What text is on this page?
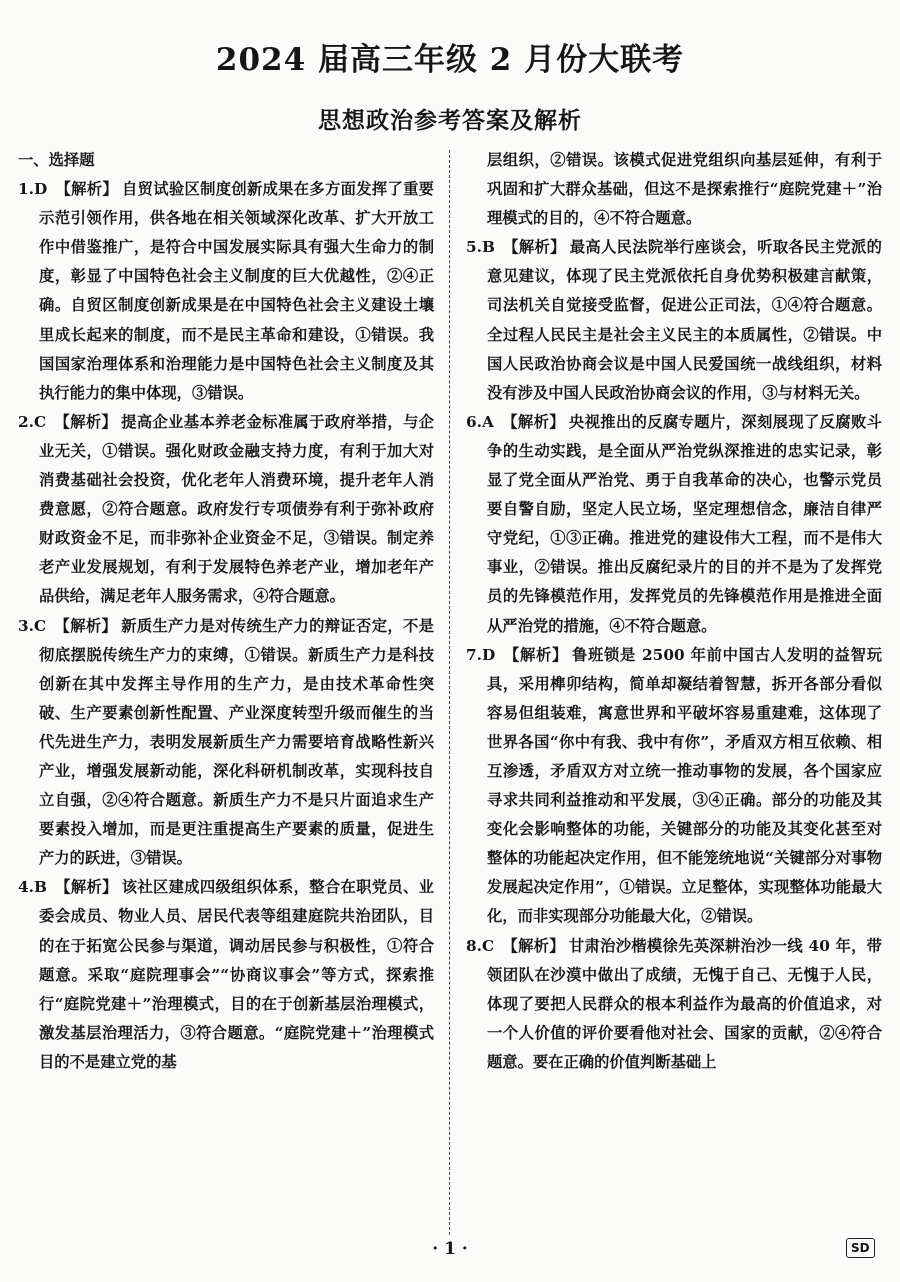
2024 届高三年级 2 月份大联考
思想政治参考答案及解析
一、选择题
1.D 【解析】 自贸试验区制度创新成果在多方面发挥了重要示范引领作用，供各地在相关领域深化改革、扩大开放工作中借鉴推广，是符合中国发展实际具有强大生命力的制度，彰显了中国特色社会主义制度的巨大优越性，②④正确。自贸区制度创新成果是在中国特色社会主义建设土壤里成长起来的制度，而不是民主革命和建设，①错误。我国国家治理体系和治理能力是中国特色社会主义制度及其执行能力的集中体现，③错误。
2.C 【解析】 提高企业基本养老金标准属于政府举措，与企业无关，①错误。强化财政金融支持力度，有利于加大对消费基础社会投资，优化老年人消费环境，提升老年人消费意愿，②符合题意。政府发行专项债券有利于弥补政府财政资金不足，而非弥补企业资金不足，③错误。制定养老产业发展规划，有利于发展特色养老产业，增加老年产品供给，满足老年人服务需求，④符合题意。
3.C 【解析】 新质生产力是对传统生产力的辩证否定，不是彻底摆脱传统生产力的束缚，①错误。新质生产力是科技创新在其中发挥主导作用的生产力，是由技术革命性突破、生产要素创新性配置、产业深度转型升级而催生的当代先进生产力，表明发展新质生产力需要培育战略性新兴产业，增强发展新动能，深化科研机制改革，实现科技自立自强，②④符合题意。新质生产力不是只片面追求生产要素投入增加，而是更注重提高生产要素的质量，促进生产力的跃进，③错误。
4.B 【解析】 该社区建成四级组织体系，整合在职党员、业委会成员、物业人员、居民代表等组建庭院共治团队，目的在于拓宽公民参与渠道，调动居民参与积极性，①符合题意。采取“庭院理事会”“协商议事会”等方式，探索推行“庭院党建＋”治理模式，目的在于创新基层治理模式，激发基层治理活力，③符合题意。“庭院党建＋”治理模式目的不是建立党的基
层组织，②错误。该模式促进党组织向基层延伸，有利于巩固和扩大群众基础，但这不是探索推行“庭院党建＋”治理模式的目的，④不符合题意。
5.B 【解析】 最高人民法院举行座谈会，听取各民主党派的意见建议，体现了民主党派依托自身优势积极建言献策，司法机关自觉接受监督，促进公正司法，①④符合题意。全过程人民民主是社会主义民主的本质属性，②错误。中国人民政治协商会议是中国人民爱国统一战线组织，材料没有涉及中国人民政治协商会议的作用，③与材料无关。
6.A 【解析】 央视推出的反腐专题片，深刻展现了反腐败斗争的生动实践，是全面从严治党纵深推进的忠实记录，彰显了党全面从严治党、勇于自我革命的决心，也警示党员要自警自励，坚定人民立场，坚定理想信念，廉洁自律严守党纪，①③正确。推进党的建设伟大工程，而不是伟大事业，②错误。推出反腐纪录片的目的并不是为了发挥党员的先锋模范作用，发挥党员的先锋模范作用是推进全面从严治党的措施，④不符合题意。
7.D 【解析】 鲁班锁是 2500 年前中国古人发明的益智玩具，采用榫卯结构，简单却凝结着智慧，拆开各部分看似容易但组装难，寓意世界和平破坏容易重建难，这体现了世界各国“你中有我、我中有你”，矛盾双方相互依赖、相互渗透，矛盾双方对立统一推动事物的发展，各个国家应寻求共同利益推动和平发展，③④正确。部分的功能及其变化会影响整体的功能，关键部分的功能及其变化甚至对整体的功能起决定作用，但不能笼统地说“关键部分对事物发展起决定作用”，①错误。立足整体，实现整体功能最大化，而非实现部分功能最大化，②错误。
8.C 【解析】 甘肃治沙楷模徐先英深耕治沙一线 40 年，带领团队在沙漠中做出了成绩，无愧于自己、无愧于人民，体现了要把人民群众的根本利益作为最高的价值追求，对一个人价值的评价要看他对社会、国家的贡献，②④符合题意。要在正确的价值判断基础上
· 1 ·	SD
